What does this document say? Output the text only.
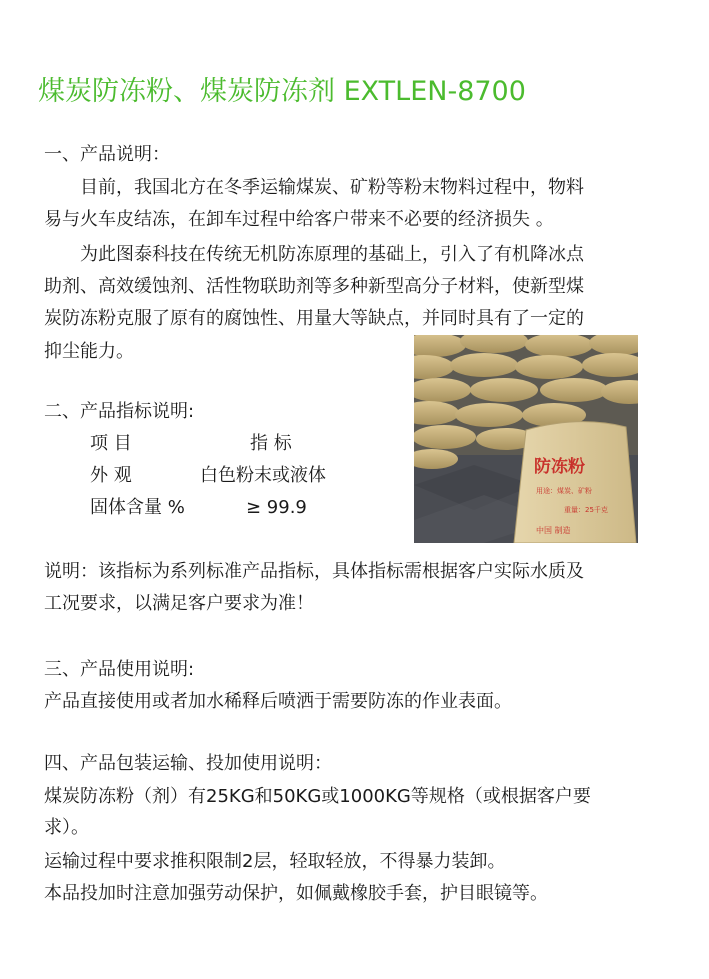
煤炭防冻粉、煤炭防冻剂 EXTLEN-8700
一、产品说明：
目前，我国北方在冬季运输煤炭、矿粉等粉末物料过程中，物料
易与火车皮结冻，在卸车过程中给客户带来不必要的经济损失 。
为此图泰科技在传统无机防冻原理的基础上，引入了有机降冰点
助剂、高效缓蚀剂、活性物联助剂等多种新型高分子材料，使新型煤
炭防冻粉克服了原有的腐蚀性、用量大等缺点，并同时具有了一定的
抑尘能力。
二、产品指标说明:
项 目	指 标
外 观	白色粉末或液体
固体含量 %	≥ 99.9
防冻粉
用途：煤炭、矿粉
重量：25千克
中国 制造
说明：该指标为系列标准产品指标，具体指标需根据客户实际水质及
工况要求，以满足客户要求为准！
三、产品使用说明:
产品直接使用或者加水稀释后喷洒于需要防冻的作业表面。
四、产品包装运输、投加使用说明：
煤炭防冻粉（剂）有25KG和50KG或1000KG等规格（或根据客户要
求）。
运输过程中要求推积限制2层，轻取轻放，不得暴力装卸。
本品投加时注意加强劳动保护，如佩戴橡胶手套，护目眼镜等。
